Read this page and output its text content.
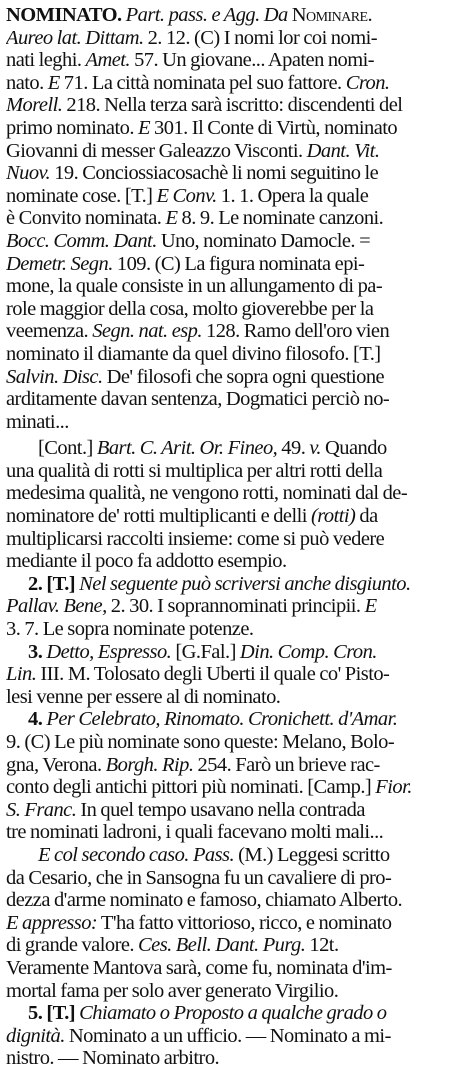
NOMINATO. Part. pass. e Agg. Da Nominare.
Aureo lat. Dittam. 2. 12. (C) I nomi lor coi nomi-
nati leghi. Amet. 57. Un giovane... Apaten nomi-
nato. E 71. La città nominata pel suo fattore. Cron.
Morell. 218. Nella terza sarà iscritto: discendenti del
primo nominato. E 301. Il Conte di Virtù, nominato
Giovanni di messer Galeazzo Visconti. Dant. Vit.
Nuov. 19. Conciossiacosachè li nomi seguitino le
nominate cose. [T.] E Conv. 1. 1. Opera la quale
è Convito nominata. E 8. 9. Le nominate canzoni.
Bocc. Comm. Dant. Uno, nominato Damocle. =
Demetr. Segn. 109. (C) La figura nominata epi-
mone, la quale consiste in un allungamento di pa-
role maggior della cosa, molto gioverebbe per la
veemenza. Segn. nat. esp. 128. Ramo dell'oro vien
nominato il diamante da quel divino filosofo. [T.]
Salvin. Disc. De' filosofi che sopra ogni questione
arditamente davan sentenza, Dogmatici perciò no-
minati...
[Cont.] Bart. C. Arit. Or. Fineo, 49. v. Quando
una qualità di rotti si multiplica per altri rotti della
medesima qualità, ne vengono rotti, nominati dal de-
nominatore de' rotti multiplicanti e delli (rotti) da
multiplicarsi raccolti insieme: come si può vedere
mediante il poco fa addotto esempio.
2. [T.] Nel seguente può scriversi anche disgiunto.
Pallav. Bene, 2. 30. I soprannominati principii. E
3. 7. Le sopra nominate potenze.
3. Detto, Espresso. [G.Fal.] Din. Comp. Cron.
Lin. III. M. Tolosato degli Uberti il quale co' Pisto-
lesi venne per essere al di nominato.
4. Per Celebrato, Rinomato. Cronichett. d'Amar.
9. (C) Le più nominate sono queste: Melano, Bolo-
gna, Verona. Borgh. Rip. 254. Farò un brieve rac-
conto degli antichi pittori più nominati. [Camp.] Fior.
S. Franc. In quel tempo usavano nella contrada
tre nominati ladroni, i quali facevano molti mali...
E col secondo caso. Pass. (M.) Leggesi scritto
da Cesario, che in Sansogna fu un cavaliere di pro-
dezza d'arme nominato e famoso, chiamato Alberto.
E appresso: T'ha fatto vittorioso, ricco, e nominato
di grande valore. Ces. Bell. Dant. Purg. 12t.
Veramente Mantova sarà, come fu, nominata d'im-
mortal fama per solo aver generato Virgilio.
5. [T.] Chiamato o Proposto a qualche grado o
dignità. Nominato a un ufficio. — Nominato a mi-
nistro. — Nominato arbitro.
